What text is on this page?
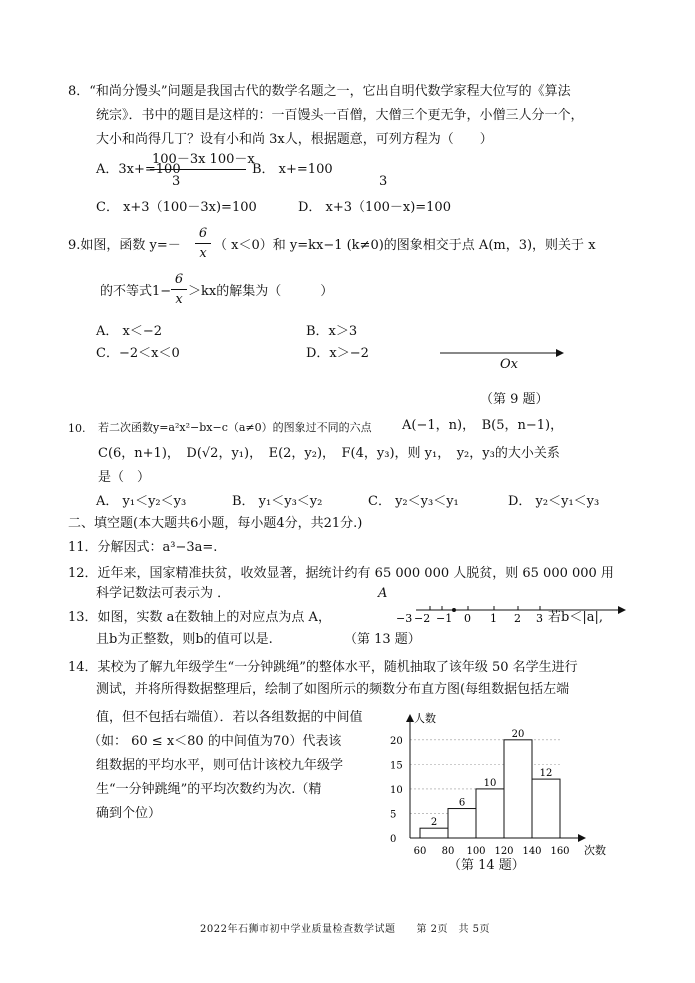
8．“和尚分馒头”问题是我国古代的数学名题之一，它出自明代数学家程大位写的《算法
统宗》．书中的题目是这样的：一百馒头一百僧，大僧三个更无争，小僧三人分一个，
大小和尚得几丁？设有小和尚 3x人，根据题意，可列方程为（　　）
100－3x 100－x
A．3x+=100
3
B． x+=100
3
C． x+3（100－3x)=100	D． x+3（100－x)=100
9.如图，函数 y=－
6
x
（ x＜0）和 y=kx−1 (k≠0)的图象相交于点 A(m，3)，则关于 x
的不等式1−
6
x
＞kx的解集为（　　　）
A． x＜−2	B．x＞3
C．−2＜x＜0	D．x＞−2
Ox
（第 9 题）
10. 若二次函数y=a²x²−bx−c（a≠0）的图象过不同的六点 A(−1，n)，　B(5，n−1)，
C(6，n+1)，　D(√2，y₁)，　E(2，y₂)，　F(4，y₃)，则 y₁，　y₂，y₃的大小关系
是（　）
A． y₁＜y₂＜y₃	B． y₁＜y₃＜y₂	C． y₂＜y₃＜y₁	D． y₂＜y₁＜y₃
二、填空题(本大题共6小题，每小题4分，共21分.)
11．分解因式：a³−3a=.
12．近年来，国家精准扶贫，收效显著，据统计约有 65 000 000 人脱贫，则 65 000 000 用
科学记数法可表示为 ．	A
13．如图，实数 a在数轴上的对应点为点 A，
且b为正整数，则b的值可以是.	（第 13 题）
−3 −2 −1 0 1 2 3 若b＜|a|,
14．某校为了解九年级学生“一分钟跳绳”的整体水平，随机抽取了该年级 50 名学生进行
测试，并将所得数据整理后，绘制了如图所示的频数分布直方图(每组数据包括左端
值，但不包括右端值）．若以各组数据的中间值
（如： 60 ≤ x＜80 的中间值为70）代表该
组数据的平均水平，则可估计该校九年级学
生“一分钟跳绳”的平均次数约为次.（精
确到个位）
0
5
10
15
20
60 80 100 120 140 160
2
6
10
20
12
人数
次数
（第 14 题）
2022年石狮市初中学业质量检查数学试题　　第 2页　共 5页
